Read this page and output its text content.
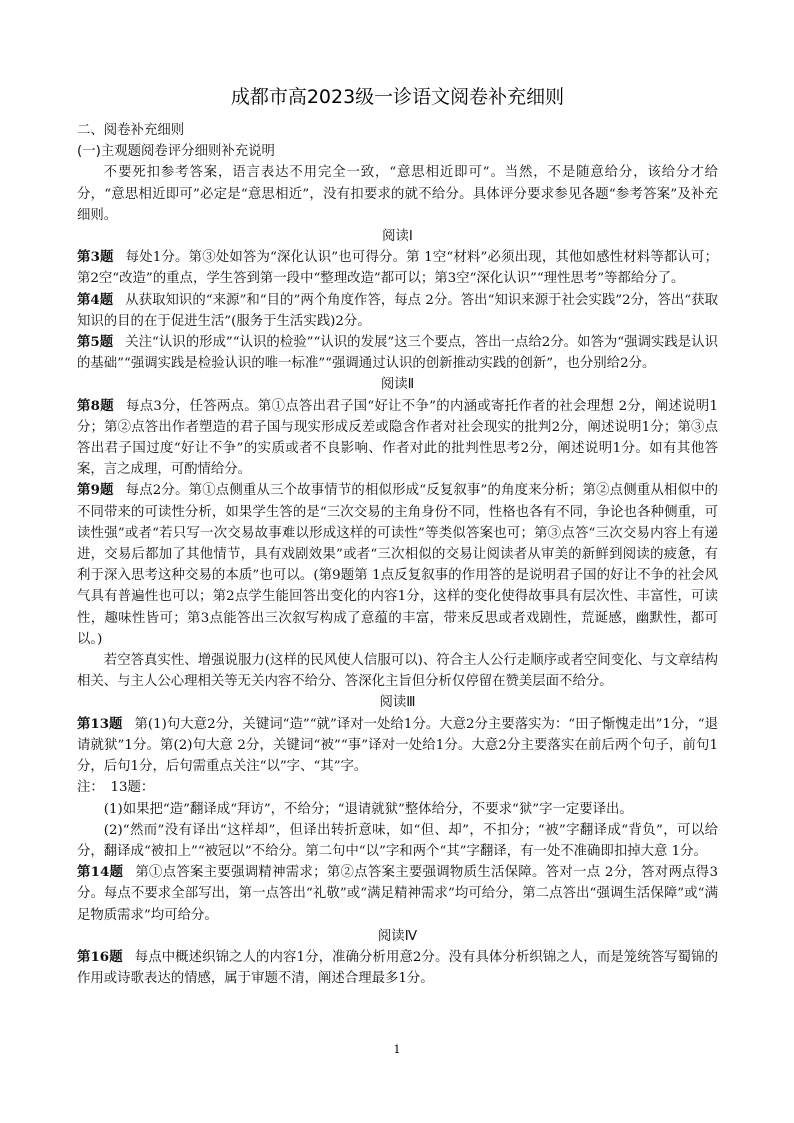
成都市高2023级一诊语文阅卷补充细则
二、阅卷补充细则
(一)主观题阅卷评分细则补充说明

不要死扣参考答案，语言表达不用完全一致，“意思相近即可”。当然，不是随意给分，该给分才给分，“意思相近即可”必定是“意思相近”，没有扣要求的就不给分。具体评分要求参见各题“参考答案”及补充细则。

阅读Ⅰ

第3题 每处1分。第③处如答为“深化认识”也可得分。第 1空“材料”必须出现，其他如感性材料等都认可；第2空“改造”的重点，学生答到第一段中“整理改造”都可以；第3空“深化认识”“理性思考”等都给分了。

第4题 从获取知识的“来源”和“目的”两个角度作答，每点 2分。答出“知识来源于社会实践”2分，答出“获取知识的目的在于促进生活”(服务于生活实践)2分。

第5题 关注“认识的形成”“认识的检验”“认识的发展”这三个要点，答出一点给2分。如答为“强调实践是认识的基础”“强调实践是检验认识的唯一标准”“强调通过认识的创新推动实践的创新”，也分别给2分。

阅读Ⅱ

第8题 每点3分，任答两点。第①点答出君子国“好让不争”的内涵或寄托作者的社会理想 2分，阐述说明1分；第②点答出作者塑造的君子国与现实形成反差或隐含作者对社会现实的批判2分，阐述说明1分；第③点答出君子国过度“好让不争”的实质或者不良影响、作者对此的批判性思考2分，阐述说明1分。如有其他答案，言之成理，可酌情给分。

第9题 每点2分。第①点侧重从三个故事情节的相似形成“反复叙事”的角度来分析；第②点侧重从相似中的不同带来的可读性分析，如果学生答的是“三次交易的主角身份不同，性格也各有不同，争论也各种侧重，可读性强”或者“若只写一次交易故事难以形成这样的可读性”等类似答案也可；第③点答“三次交易内容上有递进，交易后都加了其他情节，具有戏剧效果”或者“三次相似的交易让阅读者从审美的新鲜到阅读的疲惫，有利于深入思考这种交易的本质”也可以。(第9题第 1点反复叙事的作用答的是说明君子国的好让不争的社会风气具有普遍性也可以；第2点学生能回答出变化的内容1分，这样的变化使得故事具有层次性、丰富性，可读性，趣味性皆可；第3点能答出三次叙写构成了意蕴的丰富，带来反思或者戏剧性，荒诞感，幽默性，都可以。)

若空答真实性、增强说服力(这样的民风使人信服可以)、符合主人公行走顺序或者空间变化、与文章结构相关、与主人公心理相关等无关内容不给分、答深化主旨但分析仅停留在赞美层面不给分。

阅读Ⅲ

第13题 第(1)句大意2分，关键词“造”“就”译对一处给1分。大意2分主要落实为：“田子惭愧走出”1分，“退请就狱”1分。第(2)句大意 2分，关键词“被”“事”译对一处给1分。大意2分主要落实在前后两个句子，前句1分，后句1分，后句需重点关注“以”字、“其”字。

注： 13题：

(1)如果把“造”翻译成“拜访”，不给分；“退请就狱”整体给分，不要求“狱”字一定要译出。

(2)“然而”没有译出“这样却”，但译出转折意味，如“但、却”，不扣分；“被”字翻译成“背负”，可以给分，翻译成“被扣上”“被冠以”不给分。第二句中“以”字和两个“其”字翻译，有一处不准确即扣掉大意 1分。

第14题 第①点答案主要强调精神需求；第②点答案主要强调物质生活保障。答对一点 2分，答对两点得3分。每点不要求全部写出，第一点答出“礼敬”或“满足精神需求”均可给分，第二点答出“强调生活保障”或“满足物质需求”均可给分。

阅读Ⅳ

第16题 每点中概述织锦之人的内容1分，准确分析用意2分。没有具体分析织锦之人，而是笼统答写蜀锦的作用或诗歌表达的情感，属于审题不清，阐述合理最多1分。

1
